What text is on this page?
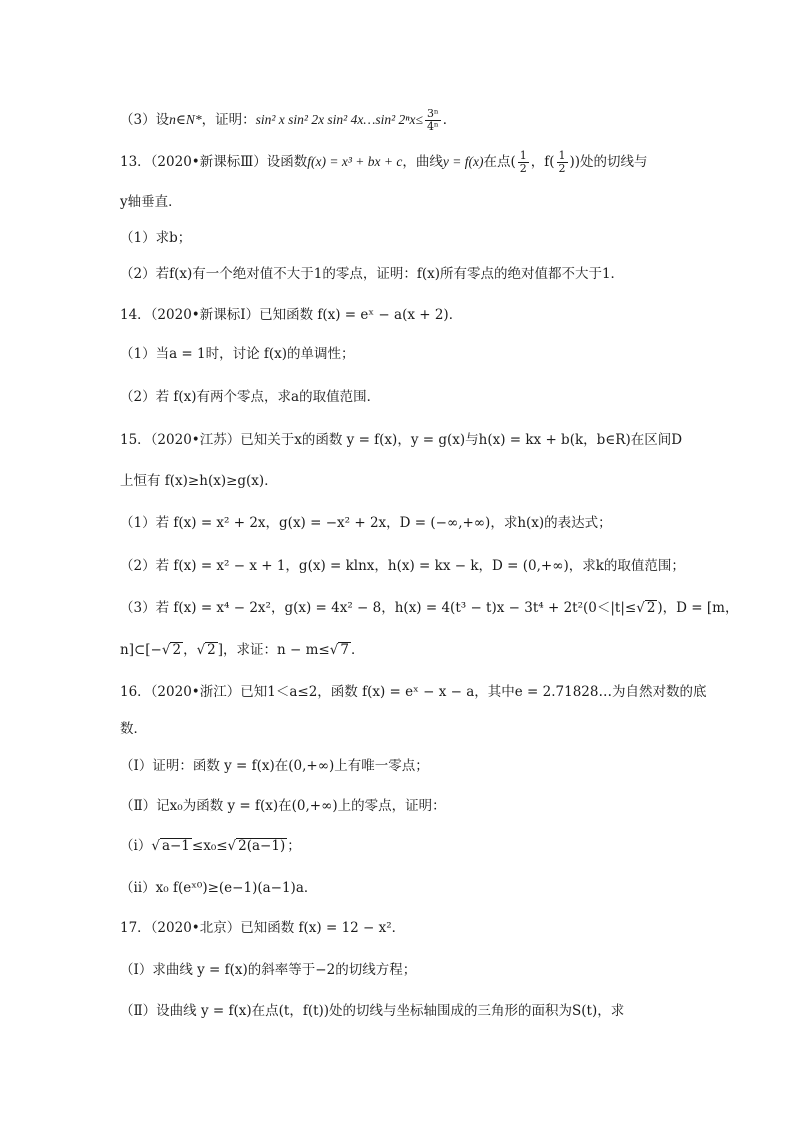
（3）设n∈N*，证明：sin² x sin² 2x sin² 4x…sin² $2^nx\le \frac{\text{3ⁿ}}{\text{4ⁿ}}$ ．
13．（2020•新课标Ⅲ）设函数f(x) = x³ + bx + c，曲线y = f(x)在点( $\frac{1}{2}$ ，$f( \frac{1}{2}$ ))处的切线与
y轴垂直．
（1）求b；
（2）若f(x)有一个绝对值不大于1的零点，证明：f(x)所有零点的绝对值都不大于1．
14．（2020•新课标Ⅰ）已知函数 f(x) = eˣ − a(x + 2)．
（1）当a = 1时，讨论 f(x)的单调性；
（2）若 f(x)有两个零点，求a的取值范围．
15．（2020•江苏）已知关于x的函数 y = f(x)，y = g(x)与h(x) = kx + b(k，b∈R)在区间D
上恒有 f(x)≥h(x)≥g(x)．
（1）若 f(x) = x² + 2x，g(x) = −x² + 2x，D = (−∞,+∞)，求h(x)的表达式；
（2）若 f(x) = x² − x + 1，g(x) = klnx，h(x) = kx − k，D = (0,+∞)，求k的取值范围；
（3）若 f(x) = x⁴ − 2x²，g(x) = 4x² − 8，h(x) = 4(t³ − t)x − 3t⁴ + 2t²(0＜|t|≤√ 2 )，D = [m，
n]⊂[−√ 2 ，√ 2 ]，求证：n − m≤√ 7 ．
16．（2020•浙江）已知1＜a≤2，函数 f(x) = eˣ − x − a，其中e = 2.71828…为自然对数的底
数．
（Ⅰ）证明：函数 y = f(x)在(0,+∞)上有唯一零点；
（Ⅱ）记x₀为函数 y = f(x)在(0,+∞)上的零点，证明：
（ⅰ）√ a−1 ≤x₀≤√ 2(a−1) ；
（ⅱ）x₀ f(eˣ⁰)≥(e−1)(a−1)a．
17．（2020•北京）已知函数 f(x) = 12 − x²．
（Ⅰ）求曲线 y = f(x)的斜率等于−2的切线方程；
（Ⅱ）设曲线 y = f(x)在点(t，f(t))处的切线与坐标轴围成的三角形的面积为S(t)，求
